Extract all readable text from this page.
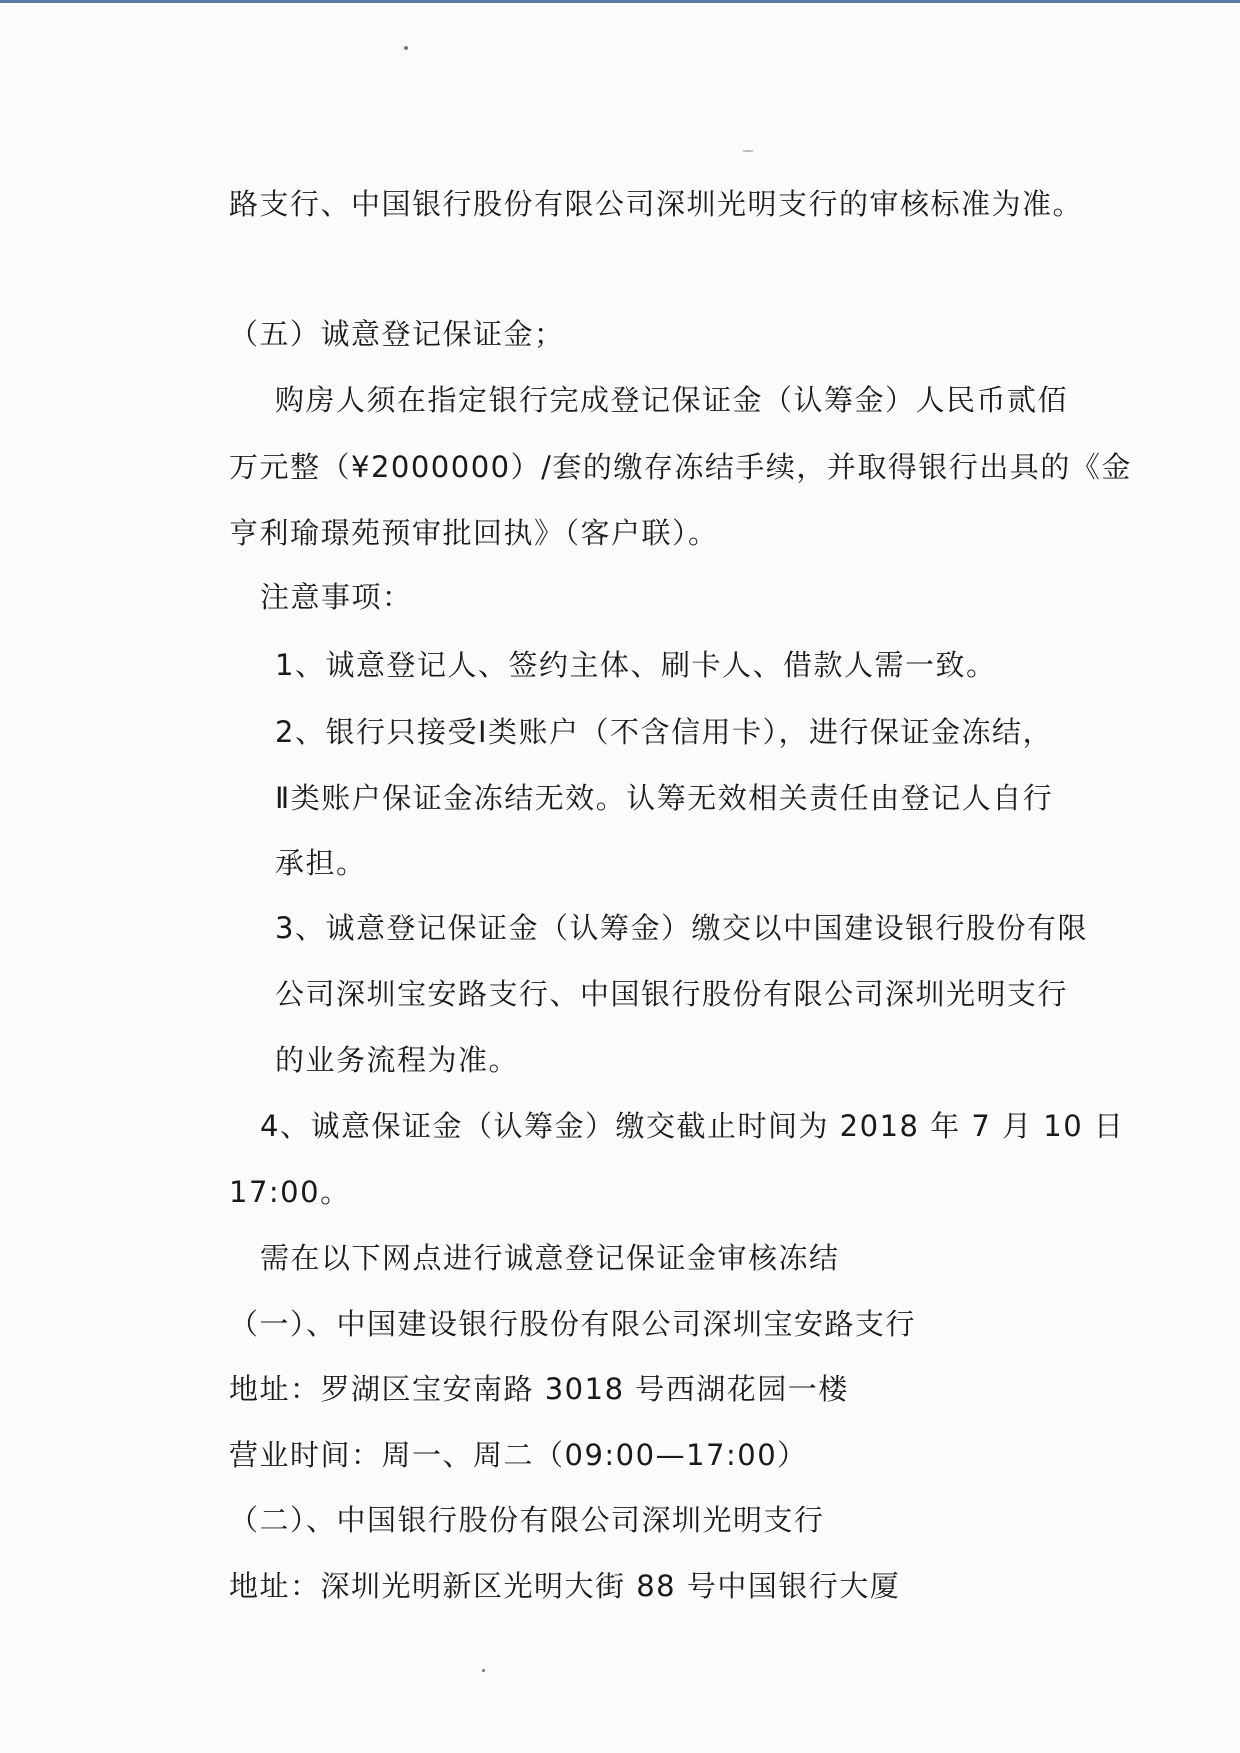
路支行、中国银行股份有限公司深圳光明支行的审核标准为准。
（五）诚意登记保证金；
购房人须在指定银行完成登记保证金（认筹金）人民币贰佰
万元整（¥2000000）/套的缴存冻结手续，并取得银行出具的《金
亨利瑜璟苑预审批回执》（客户联）。
注意事项：
1、诚意登记人、签约主体、刷卡人、借款人需一致。
2、银行只接受Ⅰ类账户（不含信用卡），进行保证金冻结，
Ⅱ类账户保证金冻结无效。认筹无效相关责任由登记人自行
承担。
3、诚意登记保证金（认筹金）缴交以中国建设银行股份有限
公司深圳宝安路支行、中国银行股份有限公司深圳光明支行
的业务流程为准。
4、诚意保证金（认筹金）缴交截止时间为 2018 年 7 月 10 日
17:00。
需在以下网点进行诚意登记保证金审核冻结
（一）、中国建设银行股份有限公司深圳宝安路支行
地址：罗湖区宝安南路 3018 号西湖花园一楼
营业时间：周一、周二（09:00—17:00）
（二）、中国银行股份有限公司深圳光明支行
地址：深圳光明新区光明大街 88 号中国银行大厦
